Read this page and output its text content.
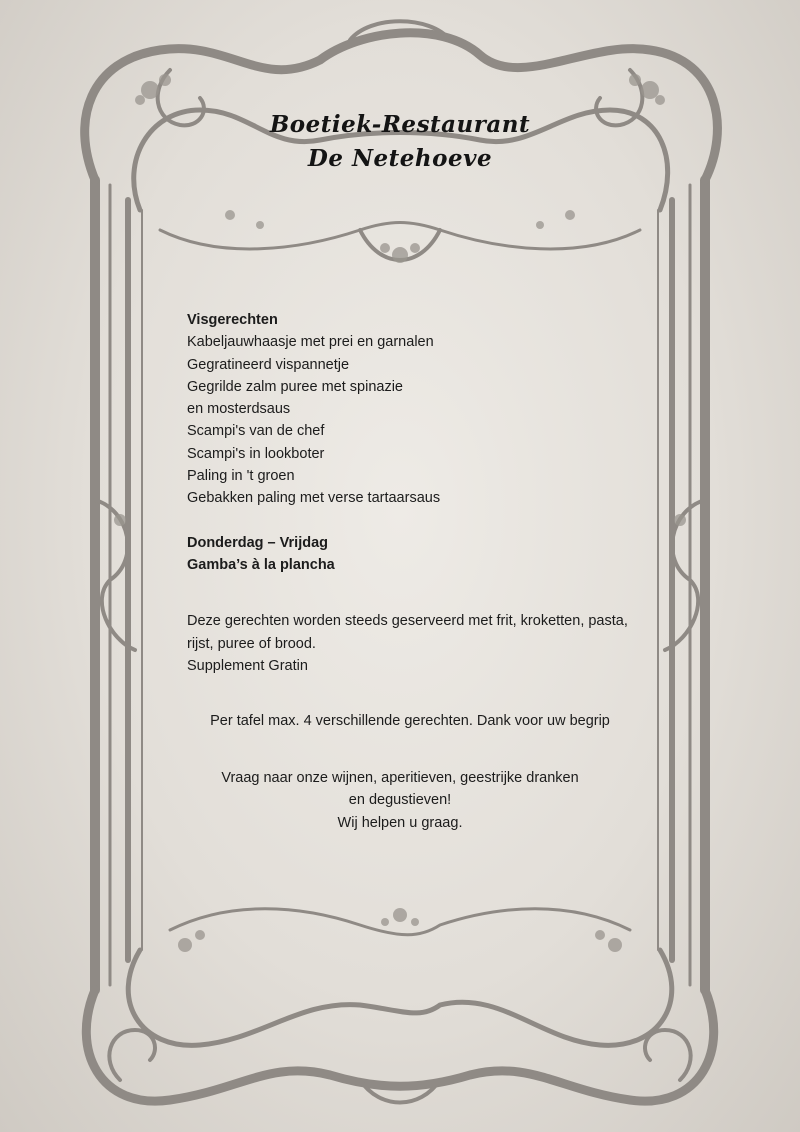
Boetiek-Restaurant
De Netehoeve
Visgerechten
Kabeljauwhaasje met prei en garnalen
Gegratineerd vispannetje
Gegrilde zalm puree met spinazie
en mosterdsaus
Scampi's van de chef
Scampi's in lookboter
Paling in 't groen
Gebakken paling met verse tartaarsaus
Donderdag – Vrijdag
Gamba’s à la plancha
Deze gerechten worden steeds geserveerd met frit, kroketten, pasta,
rijst, puree of brood.
Supplement Gratin
Per tafel max. 4 verschillende gerechten. Dank voor uw begrip
Vraag naar onze wijnen, aperitieven, geestrijke dranken
en degustieven!
Wij helpen u graag.
